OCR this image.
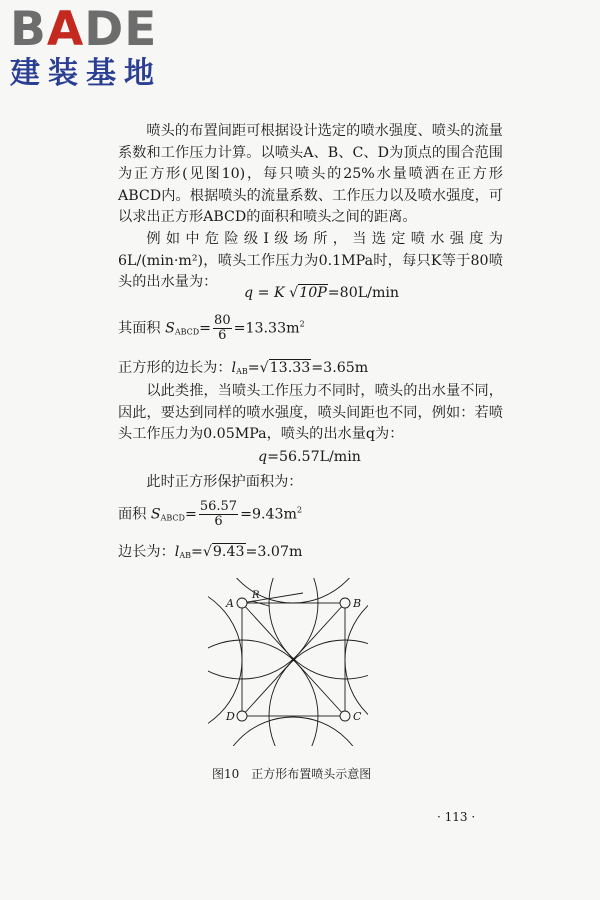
BADE
建装基地
喷头的布置间距可根据设计选定的喷水强度、喷头的流量系数和工作压力计算。以喷头A、B、C、D为顶点的围合范围为正方形(见图10)，每只喷头的25%水量喷洒在正方形ABCD内。根据喷头的流量系数、工作压力以及喷水强度，可以求出正方形ABCD的面积和喷头之间的距离。
例如中危险级Ⅰ级场所，当选定喷水强度为6L/(min·m²)，喷头工作压力为0.1MPa时，每只K等于80喷头的出水量为：
q = K √10P=80L/min
其面积 $S_{ABCD}= \frac{80}{6} =13.33m^2$
正方形的边长为：$l_{AB}=√13.33=3.65m$
以此类推，当喷头工作压力不同时，喷头的出水量不同，因此，要达到同样的喷水强度，喷头间距也不同，例如：若喷头工作压力为0.05MPa，喷头的出水量q为：
q=56.57L/min
此时正方形保护面积为：
面积 $S_{ABCD}= \frac{56.57}{6} =9.43m^2$
边长为：$l_{AB}=√9.43=3.07m$
A	B
C
D
R
图10　正方形布置喷头示意图
· 113 ·
